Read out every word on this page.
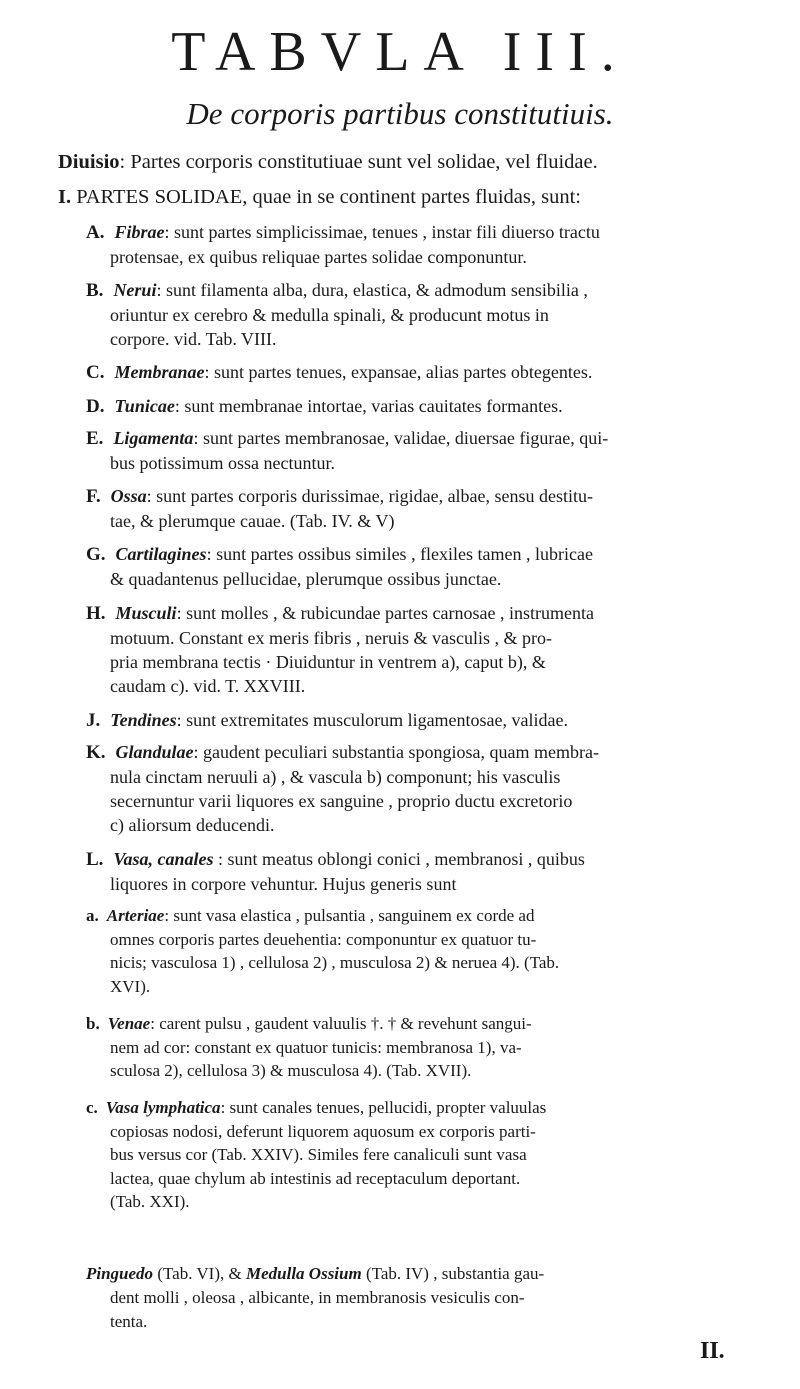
TABVLA III.
De corporis partibus constitutiuis.
Diuisio: Partes corporis constitutiuae sunt vel solidae, vel fluidae.
I. PARTES SOLIDAE, quae in se continent partes fluidas, sunt:
A. Fibrae: sunt partes simplicissimae, tenues , instar fili diuerso tractu
protensae, ex quibus reliquae partes solidae componuntur.
B. Nerui: sunt filamenta alba, dura, elastica, & admodum sensibilia ,
oriuntur ex cerebro & medulla spinali, & producunt motus in
corpore. vid. Tab. VIII.
C. Membranae: sunt partes tenues, expansae, alias partes obtegentes.
D. Tunicae: sunt membranae intortae, varias cauitates formantes.
E. Ligamenta: sunt partes membranosae, validae, diuersae figurae, qui-
bus potissimum ossa nectuntur.
F. Ossa: sunt partes corporis durissimae, rigidae, albae, sensu destitu-
tae, & plerumque cauae. (Tab. IV. & V)
G. Cartilagines: sunt partes ossibus similes , flexiles tamen , lubricae
& quadantenus pellucidae, plerumque ossibus junctae.
H. Musculi: sunt molles , & rubicundae partes carnosae , instrumenta
motuum. Constant ex meris fibris , neruis & vasculis , & pro-
pria membrana tectis · Diuiduntur in ventrem a), caput b), &
caudam c). vid. T. XXVIII.
J. Tendines: sunt extremitates musculorum ligamentosae, validae.
K. Glandulae: gaudent peculiari substantia spongiosa, quam membra-
nula cinctam neruuli a) , & vascula b) componunt; his vasculis
secernuntur varii liquores ex sanguine , proprio ductu excretorio
c) aliorsum deducendi.
L. Vasa, canales : sunt meatus oblongi conici , membranosi , quibus
liquores in corpore vehuntur. Hujus generis sunt
a. Arteriae: sunt vasa elastica , pulsantia , sanguinem ex corde ad
omnes corporis partes deuehentia: componuntur ex quatuor tu-
nicis; vasculosa 1) , cellulosa 2) , musculosa 2) & neruea 4). (Tab.
XVI).
b. Venae: carent pulsu , gaudent valuulis †. † & revehunt sangui-
nem ad cor: constant ex quatuor tunicis: membranosa 1), va-
sculosa 2), cellulosa 3) & musculosa 4). (Tab. XVII).
c. Vasa lymphatica: sunt canales tenues, pellucidi, propter valuulas
copiosas nodosi, deferunt liquorem aquosum ex corporis parti-
bus versus cor (Tab. XXIV). Similes fere canaliculi sunt vasa
lactea, quae chylum ab intestinis ad receptaculum deportant.
(Tab. XXI).
Pinguedo (Tab. VI), & Medulla Ossium (Tab. IV) , substantia gau-
dent molli , oleosa , albicante, in membranosis vesiculis con-
tenta.
II.
